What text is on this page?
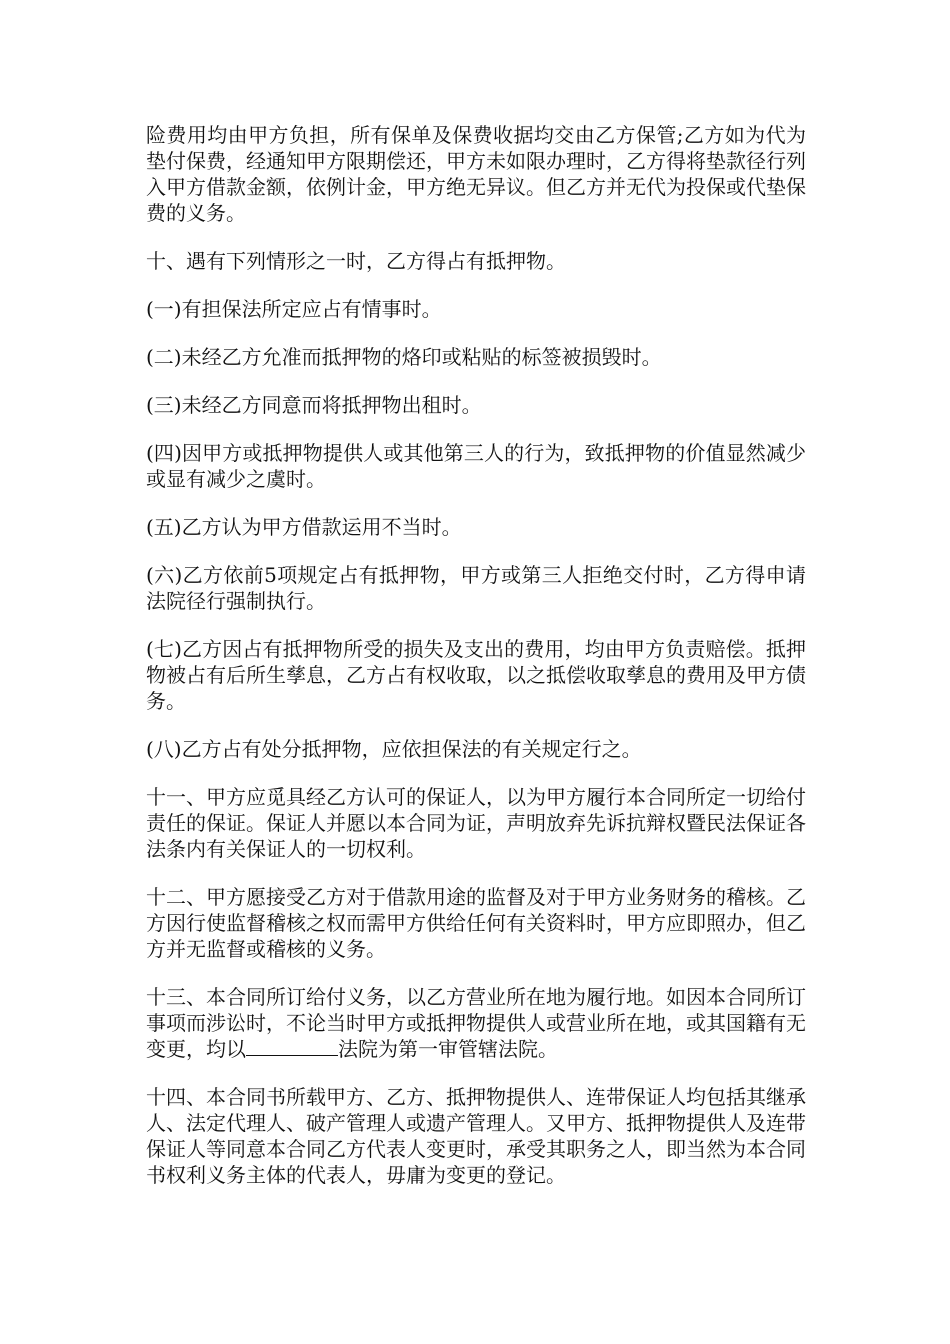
险费用均由甲方负担，所有保单及保费收据均交由乙方保管;乙方如为代为垫付保费，经通知甲方限期偿还，甲方未如限办理时，乙方得将垫款径行列入甲方借款金额，依例计金，甲方绝无异议。但乙方并无代为投保或代垫保费的义务。

十、遇有下列情形之一时，乙方得占有抵押物。

(一)有担保法所定应占有情事时。

(二)未经乙方允准而抵押物的烙印或粘贴的标签被损毁时。

(三)未经乙方同意而将抵押物出租时。

(四)因甲方或抵押物提供人或其他第三人的行为，致抵押物的价值显然减少或显有减少之虞时。

(五)乙方认为甲方借款运用不当时。

(六)乙方依前5项规定占有抵押物，甲方或第三人拒绝交付时，乙方得申请法院径行强制执行。

(七)乙方因占有抵押物所受的损失及支出的费用，均由甲方负责赔偿。抵押物被占有后所生孳息，乙方占有权收取，以之抵偿收取孳息的费用及甲方债务。

(八)乙方占有处分抵押物，应依担保法的有关规定行之。

十一、甲方应觅具经乙方认可的保证人，以为甲方履行本合同所定一切给付责任的保证。保证人并愿以本合同为证，声明放弃先诉抗辩权暨民法保证各法条内有关保证人的一切权利。

十二、甲方愿接受乙方对于借款用途的监督及对于甲方业务财务的稽核。乙方因行使监督稽核之权而需甲方供给任何有关资料时，甲方应即照办，但乙方并无监督或稽核的义务。

十三、本合同所订给付义务，以乙方营业所在地为履行地。如因本合同所订事项而涉讼时，不论当时甲方或抵押物提供人或营业所在地，或其国籍有无变更，均以	法院为第一审管辖法院。

十四、本合同书所载甲方、乙方、抵押物提供人、连带保证人均包括其继承人、法定代理人、破产管理人或遗产管理人。又甲方、抵押物提供人及连带保证人等同意本合同乙方代表人变更时，承受其职务之人，即当然为本合同书权利义务主体的代表人，毋庸为变更的登记。
